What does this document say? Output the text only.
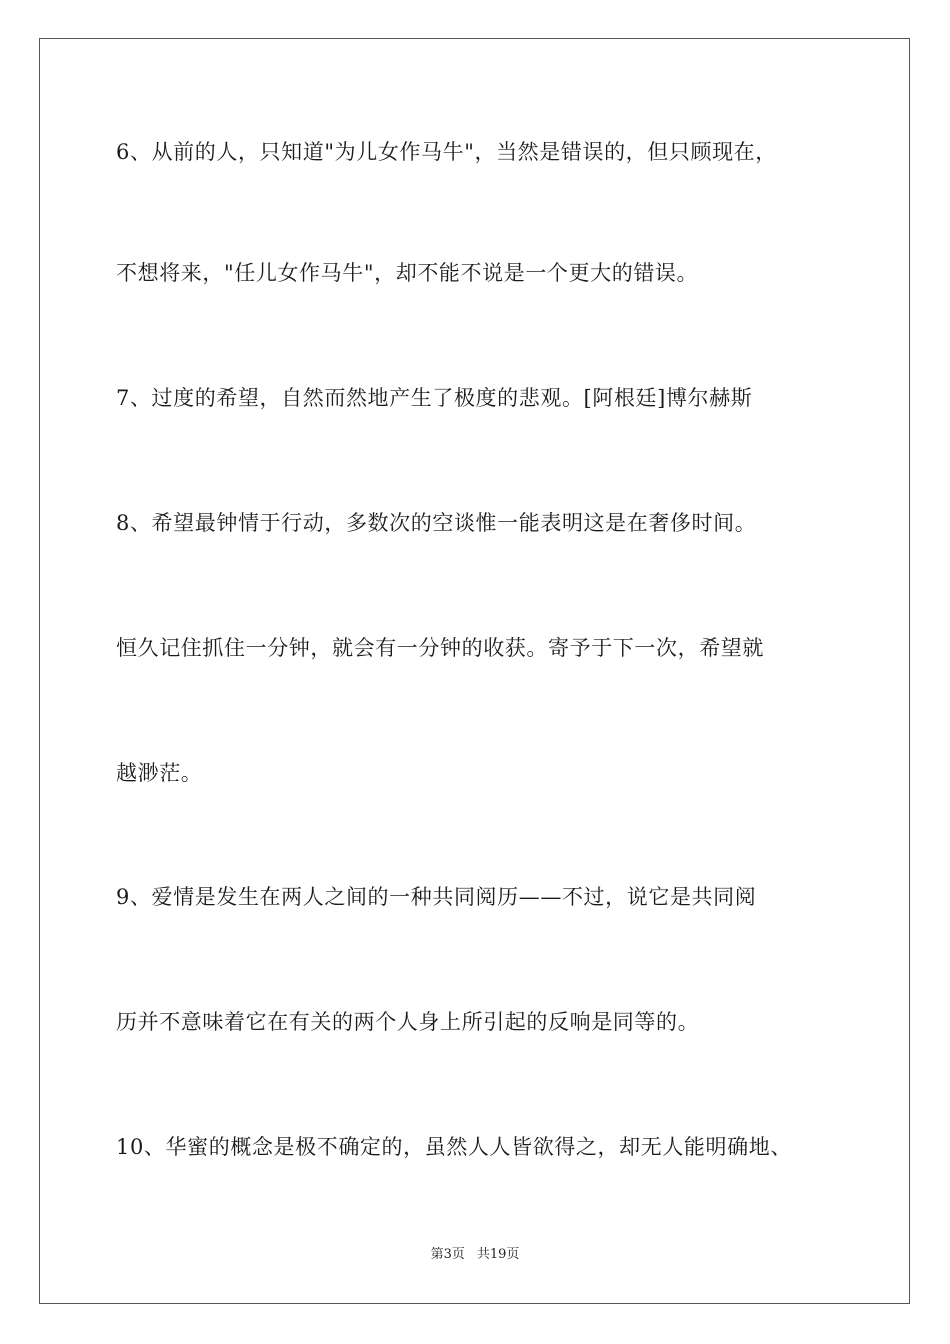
6、从前的人，只知道"为儿女作马牛"，当然是错误的，但只顾现在，
不想将来，"任儿女作马牛"，却不能不说是一个更大的错误。
7、过度的希望，自然而然地产生了极度的悲观。[阿根廷]博尔赫斯
8、希望最钟情于行动，多数次的空谈惟一能表明这是在奢侈时间。
恒久记住抓住一分钟，就会有一分钟的收获。寄予于下一次，希望就
越渺茫。
9、爱情是发生在两人之间的一种共同阅历——不过，说它是共同阅
历并不意味着它在有关的两个人身上所引起的反响是同等的。
10、华蜜的概念是极不确定的，虽然人人皆欲得之，却无人能明确地、
第3页 共19页
